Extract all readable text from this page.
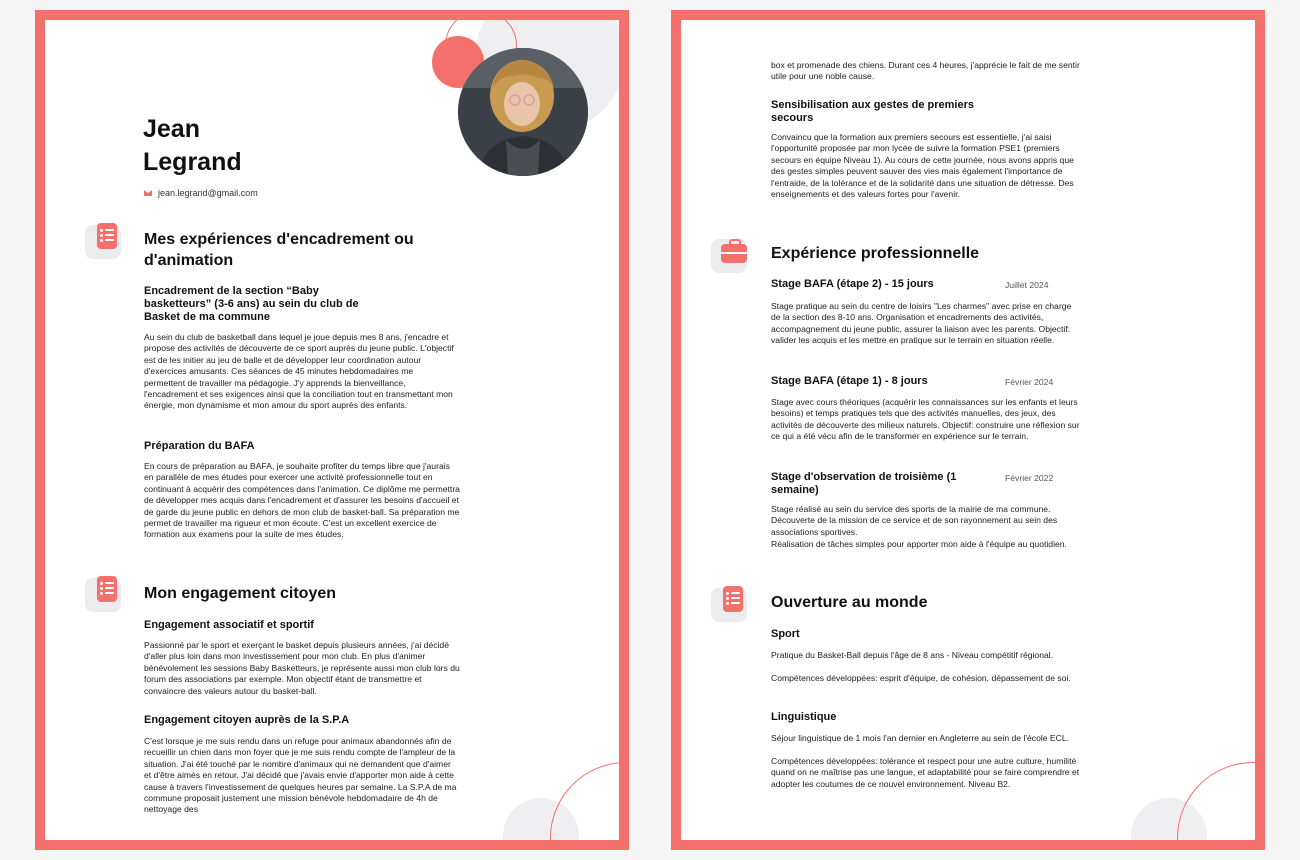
Jean
Legrand
jean.legrand@gmail.com
Mes expériences d'encadrement ou d'animation
Encadrement de la section “Baby basketteurs” (3-6 ans) au sein du club de Basket de ma commune
Au sein du club de basketball dans lequel je joue depuis mes 8 ans, j'encadre et propose des activités de découverte de ce sport auprès du jeune public. L'objectif est de les initier au jeu de balle et de développer leur coordination autour d'exercices amusants. Ces séances de 45 minutes hebdomadaires me permettent de travailler ma pédagogie. J'y apprends la bienveillance, l'encadrement et ses exigences ainsi que la conciliation tout en transmettant mon énergie, mon dynamisme et mon amour du sport auprès des enfants.
Préparation du BAFA
En cours de préparation au BAFA, je souhaite profiter du temps libre que j'aurais en parallèle de mes études pour exercer une activité professionnelle tout en continuant à acquérir des compétences dans l'animation. Ce diplôme me permettra de développer mes acquis dans l'encadrement et d'assurer les besoins d'accueil et de garde du jeune public en dehors de mon club de basket-ball. Sa préparation me permet de travailler ma rigueur et mon écoute. C'est un excellent exercice de formation aux examens pour la suite de mes études.
Mon engagement citoyen
Engagement associatif et sportif
Passionné par le sport et exerçant le basket depuis plusieurs années, j'ai décidé d'aller plus loin dans mon investissement pour mon club. En plus d'animer bénévolement les sessions Baby Basketteurs, je représente aussi mon club lors du forum des associations par exemple. Mon objectif étant de transmettre et convaincre des valeurs autour du basket-ball.
Engagement citoyen auprès de la S.P.A
C'est lorsque je me suis rendu dans un refuge pour animaux abandonnés afin de recueillir un chien dans mon foyer que je me suis rendu compte de l'ampleur de la situation. J'ai été touché par le nombre d'animaux qui ne demandent que d'aimer et d'être aimés en retour. J'ai décidé que j'avais envie d'apporter mon aide à cette cause à travers l'investissement de quelques heures par semaine. La S.P.A de ma commune proposait justement une mission bénévole hebdomadaire de 4h de nettoyage des
box et promenade des chiens. Durant ces 4 heures, j'apprécie le fait de me sentir utile pour une noble cause.
Sensibilisation aux gestes de premiers secours
Convaincu que la formation aux premiers secours est essentielle, j'ai saisi l'opportunité proposée par mon lycée de suivre la formation PSE1 (premiers secours en équipe Niveau 1). Au cours de cette journée, nous avons appris que des gestes simples peuvent sauver des vies mais également l'importance de l'entraide, de la tolérance et de la solidarité dans une situation de détresse. Des enseignements et des valeurs fortes pour l'avenir.
Expérience professionnelle
Stage BAFA (étape 2) - 15 jours	Juillet 2024
Stage pratique au sein du centre de loisirs "Les charmes" avec prise en charge de la section des 8-10 ans. Organisation et encadrements des activités, accompagnement du jeune public, assurer la liaison avec les parents. Objectif: valider les acquis et les mettre en pratique sur le terrain en situation réelle.
Stage BAFA (étape 1) - 8 jours	Février 2024
Stage avec cours théoriques (acquérir les connaissances sur les enfants et leurs besoins) et temps pratiques tels que des activités manuelles, des jeux, des activités de découverte des milieux naturels. Objectif: construire une réflexion sur ce qui a été vécu afin de le transformer en expérience sur le terrain.
Stage d'observation de troisième (1 semaine)
Février 2022
Stage réalisé au sein du service des sports de la mairie de ma commune. Découverte de la mission de ce service et de son rayonnement au sein des associations sportives.
Réalisation de tâches simples pour apporter mon aide à l'équipe au quotidien.
Ouverture au monde
Sport
Pratique du Basket-Ball depuis l'âge de 8 ans - Niveau compétitif régional.
Compétences développées: esprit d'équipe, de cohésion, dépassement de soi.
Linguistique
Séjour linguistique de 1 mois l'an dernier en Angleterre au sein de l'école ECL.
Compétences développées: tolérance et respect pour une autre culture, humilité quand on ne maîtrise pas une langue, et adaptabilité pour se faire comprendre et adopter les coutumes de ce nouvel environnement. Niveau B2.
